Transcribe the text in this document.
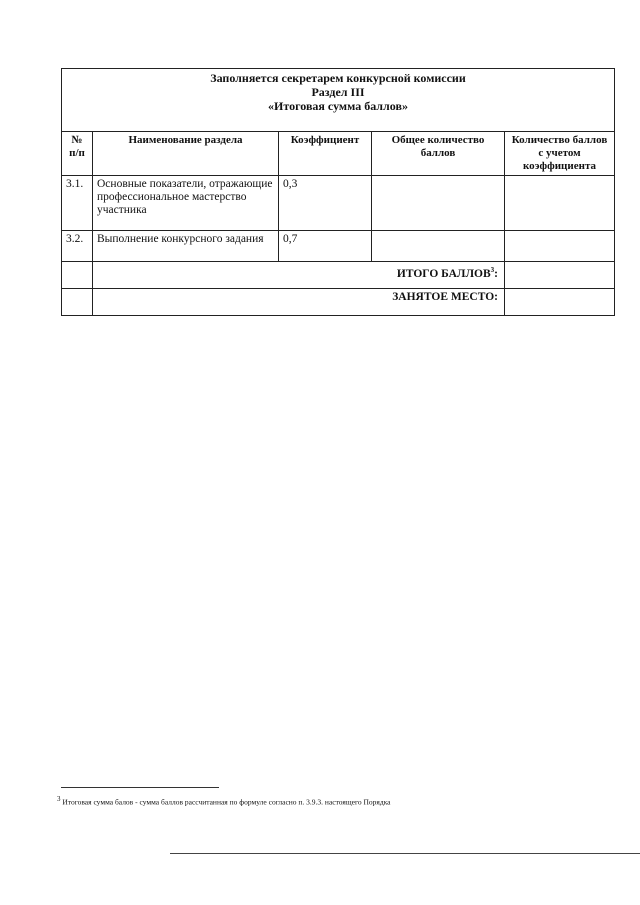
Заполняется секретарем конкурсной комиссии
Раздел III
«Итоговая сумма баллов»				

№ п/п	Наименование раздела	Коэффициент	Общее количество баллов	Количество баллов с учетом коэффициента
3.1.	Основные показатели, отражающие профессиональное мастерство участника	0,3		
3.2.	Выполнение конкурсного задания	0,7		
	ИТОГО БАЛЛОВ$^3$:			
	ЗАНЯТОЕ МЕСТО:			
$^3$ Итоговая сумма балов - сумма баллов рассчитанная по формуле согласно п. 3.9.3. настоящего Порядка
